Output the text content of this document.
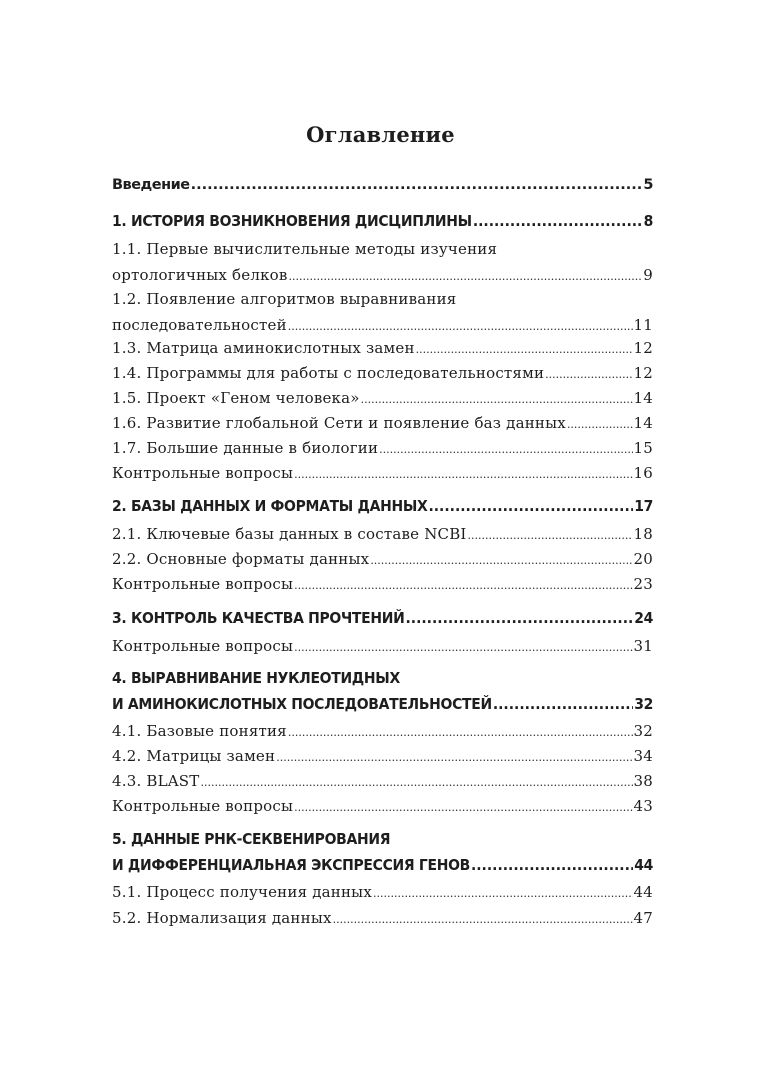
Оглавление
Введение .....	5
1. ИСТОРИЯ ВОЗНИКНОВЕНИЯ ДИСЦИПЛИНЫ .....	8
1.1. Первые вычислительные методы изучения
ортологичных белков .....	9
1.2. Появление алгоритмов выравнивания
последовательностей .....	11
1.3. Матрица аминокислотных замен .....	12
1.4. Программы для работы с последовательностями .....	12
1.5. Проект «Геном человека» .....	14
1.6. Развитие глобальной Сети и появление баз данных .....	14
1.7. Большие данные в биологии .....	15
Контрольные вопросы .....	16
2. БАЗЫ ДАННЫХ И ФОРМАТЫ ДАННЫХ .....	17
2.1. Ключевые базы данных в составе NCBI .....	18
2.2. Основные форматы данных .....	20
Контрольные вопросы .....	23
3. КОНТРОЛЬ КАЧЕСТВА ПРОЧТЕНИЙ .....	24
Контрольные вопросы .....	31
4. ВЫРАВНИВАНИЕ НУКЛЕОТИДНЫХ
И АМИНОКИСЛОТНЫХ ПОСЛЕДОВАТЕЛЬНОСТЕЙ .....	32
4.1. Базовые понятия .....	32
4.2. Матрицы замен .....	34
4.3. BLAST .....	38
Контрольные вопросы .....	43
5. ДАННЫЕ РНК-СЕКВЕНИРОВАНИЯ
И ДИФФЕРЕНЦИАЛЬНАЯ ЭКСПРЕССИЯ ГЕНОВ .....	44
5.1. Процесс получения данных .....	44
5.2. Нормализация данных .....	47
